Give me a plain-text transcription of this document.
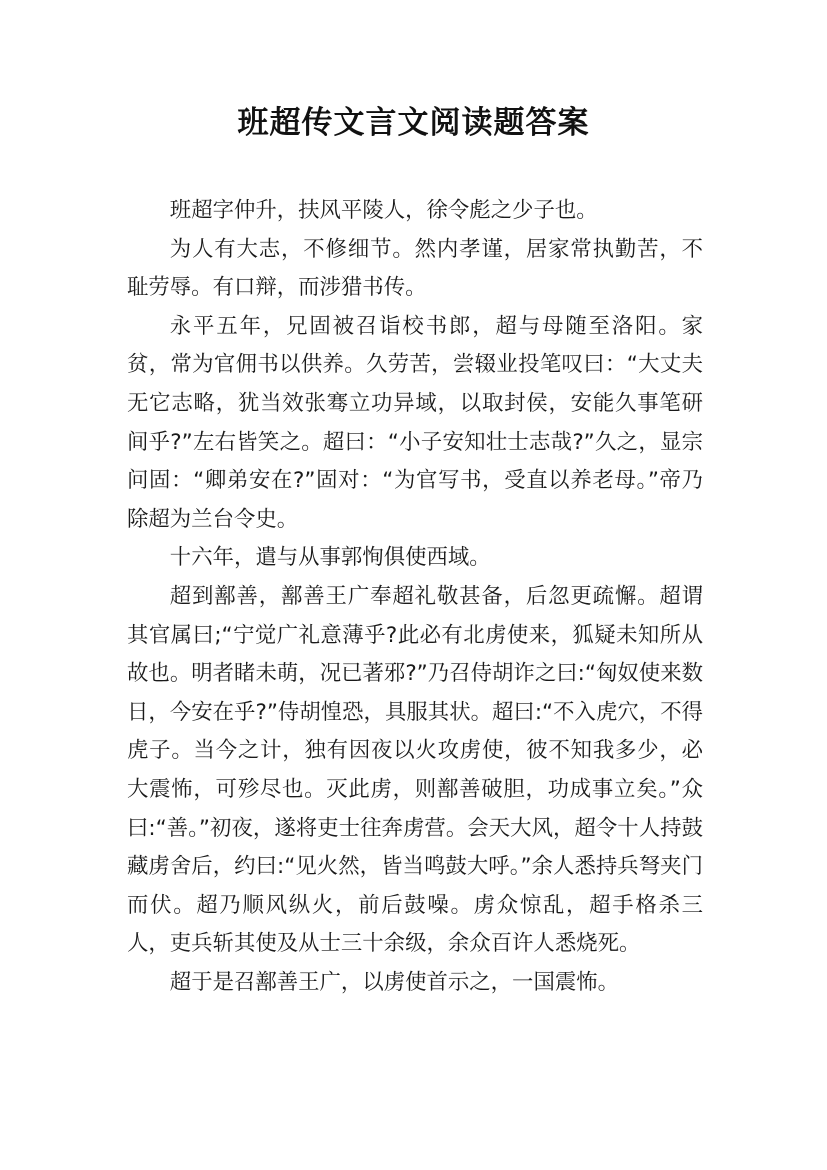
班超传文言文阅读题答案

班超字仲升，扶风平陵人，徐令彪之少子也。

为人有大志，不修细节。然内孝谨，居家常执勤苦，不耻劳辱。有口辩，而涉猎书传。

永平五年，兄固被召诣校书郎，超与母随至洛阳。家贫，常为官佣书以供养。久劳苦，尝辍业投笔叹曰：“大丈夫无它志略，犹当效张骞立功异域，以取封侯，安能久事笔研间乎?”左右皆笑之。超曰：“小子安知壮士志哉?”久之，显宗问固：“卿弟安在?”固对：“为官写书，受直以养老母。”帝乃除超为兰台令史。

十六年，遣与从事郭恂俱使西域。

超到鄯善，鄯善王广奉超礼敬甚备，后忽更疏懈。超谓其官属曰;“宁觉广礼意薄乎?此必有北虏使来，狐疑未知所从故也。明者睹未萌，况已著邪?”乃召侍胡诈之曰:“匈奴使来数日，今安在乎?”侍胡惶恐，具服其状。超曰:“不入虎穴，不得虎子。当今之计，独有因夜以火攻虏使，彼不知我多少，必大震怖，可殄尽也。灭此虏，则鄯善破胆，功成事立矣。”众曰:“善。”初夜，遂将吏士往奔虏营。会天大风，超令十人持鼓藏虏舍后，约曰:“见火然，皆当鸣鼓大呼。”余人悉持兵弩夹门而伏。超乃顺风纵火，前后鼓噪。虏众惊乱，超手格杀三人，吏兵斩其使及从士三十余级，余众百许人悉烧死。

超于是召鄯善王广，以虏使首示之，一国震怖。
